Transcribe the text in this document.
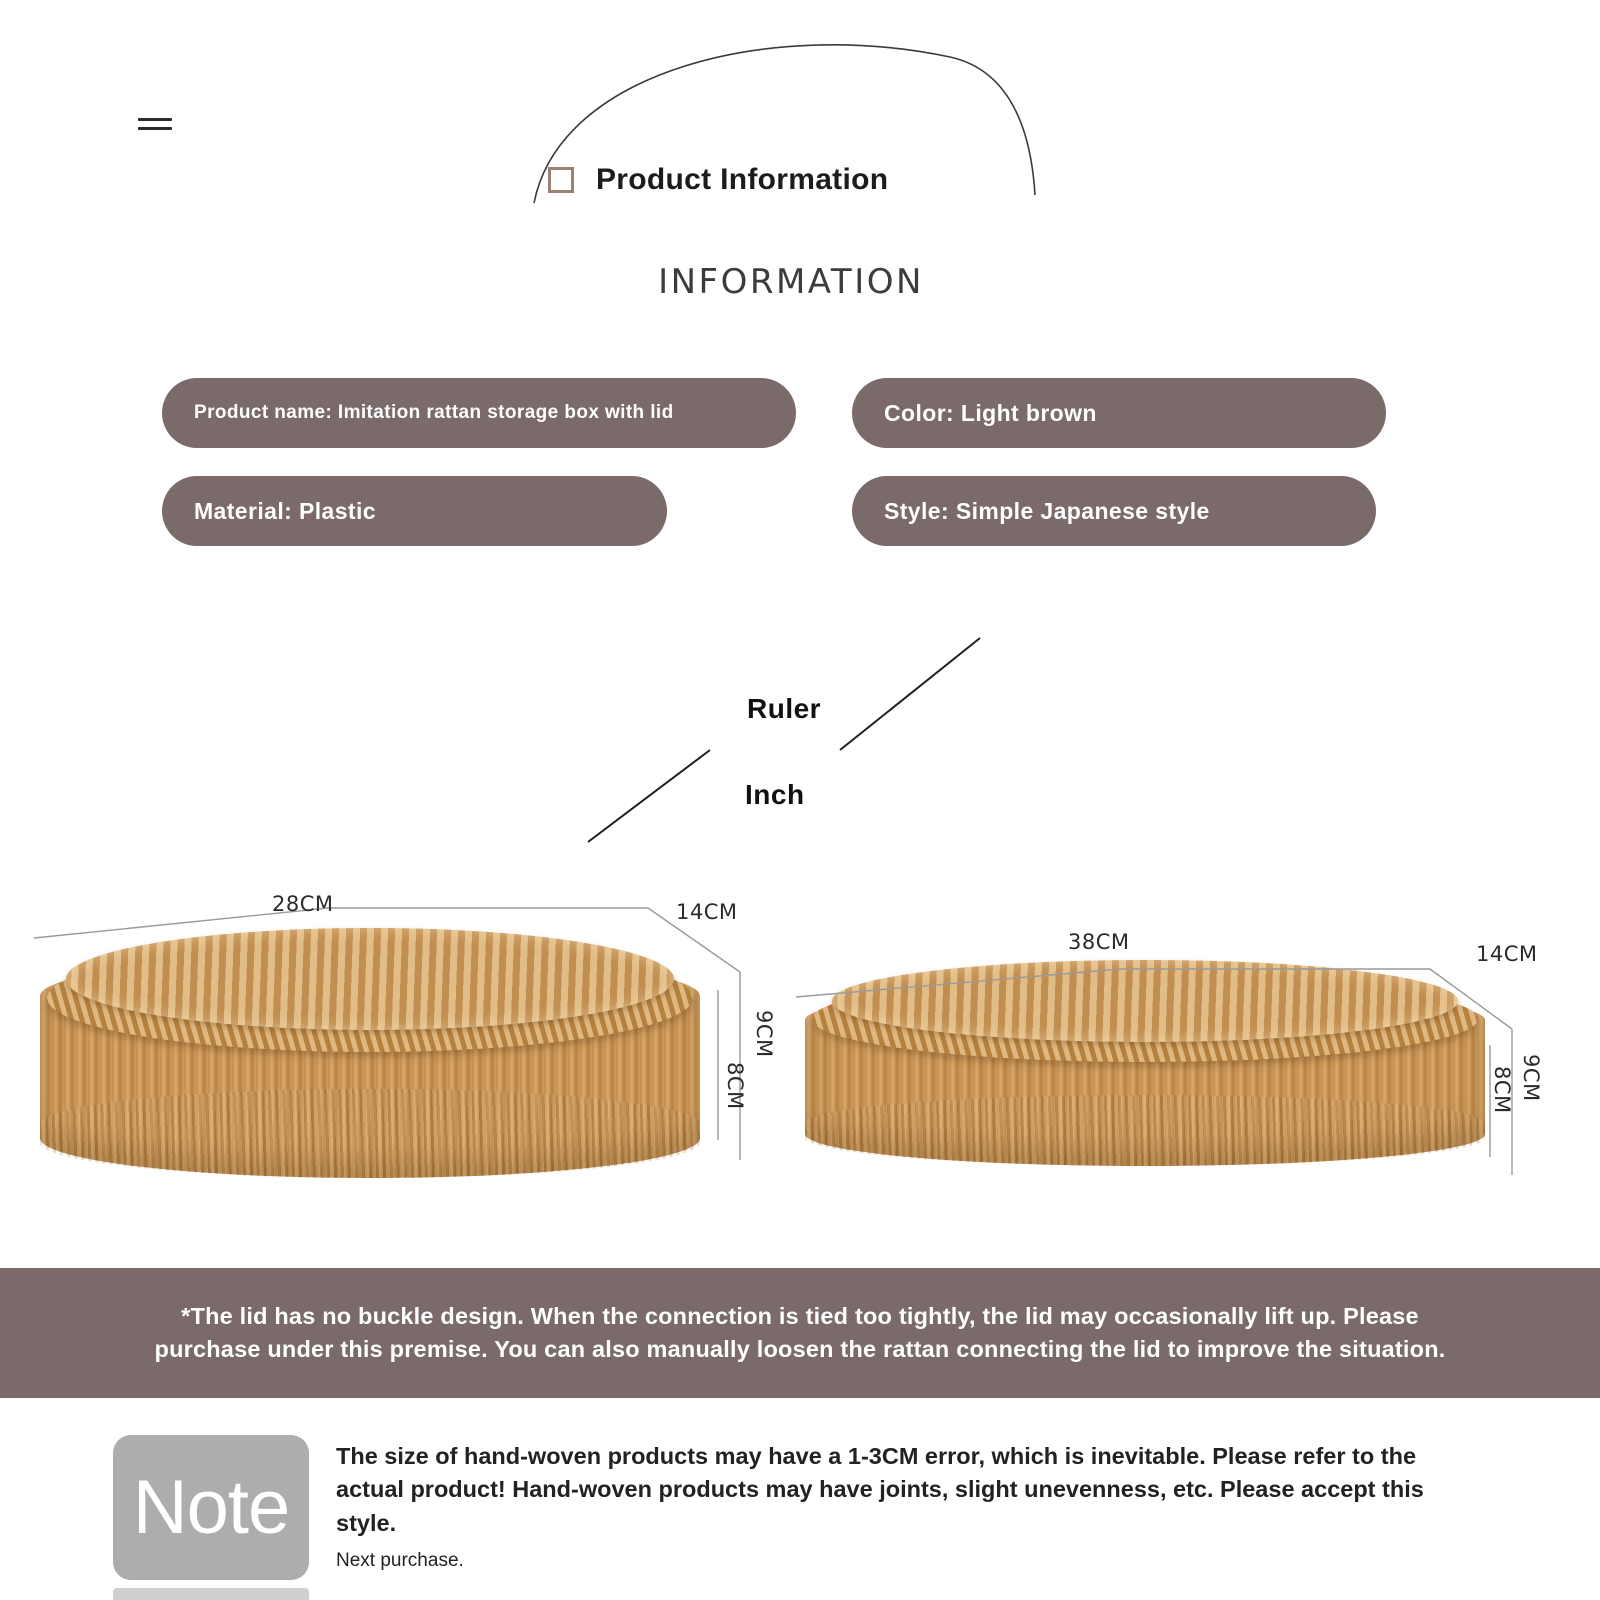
Product Information
INFORMATION
Product name: Imitation rattan storage box with lid	Color: Light brown
Material: Plastic	Style: Simple Japanese style
Ruler
Inch
28CM	14CM
9CM
8CM
38CM	14CM
9CM
8CM
*The lid has no buckle design. When the connection is tied too tightly, the lid may occasionally lift up. Please purchase under this premise. You can also manually loosen the rattan connecting the lid to improve the situation.
Note
The size of hand-woven products may have a 1-3CM error, which is inevitable. Please refer to the actual product! Hand-woven products may have joints, slight unevenness, etc. Please accept this style.
Next purchase.
